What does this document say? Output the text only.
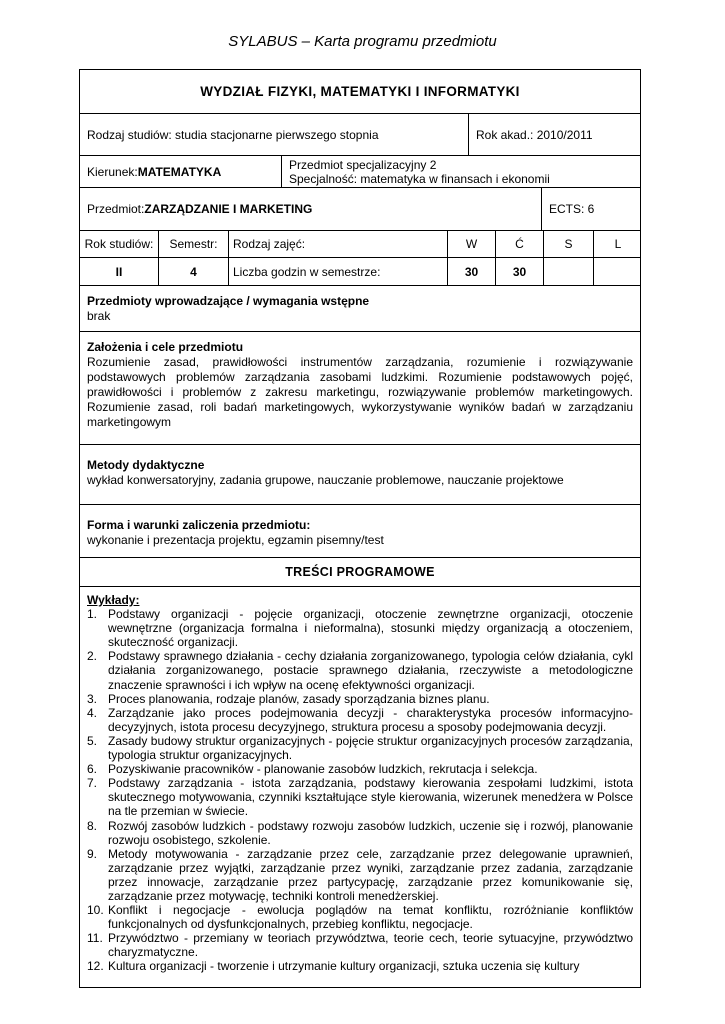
SYLABUS – Karta programu przedmiotu
WYDZIAŁ FIZYKI, MATEMATYKI I INFORMATYKI
Rodzaj studiów: studia stacjonarne pierwszego stopnia	Rok akad.: 2010/2011
Kierunek: MATEMATYKA	Przedmiot specjalizacyjny 2
Specjalność: matematyka w finansach i ekonomii
Przedmiot: ZARZĄDZANIE I MARKETING	ECTS: 6
Rok studiów:	Semestr:	Rodzaj zajęć:	W	Ć	S	L
II	4	Liczba godzin w semestrze:	30	30
Przedmioty wprowadzające / wymagania wstępne
brak
Założenia i cele przedmiotu
Rozumienie zasad, prawidłowości instrumentów zarządzania, rozumienie i rozwiązywanie podstawowych problemów zarządzania zasobami ludzkimi. Rozumienie podstawowych pojęć, prawidłowości i problemów z zakresu marketingu, rozwiązywanie problemów marketingowych. Rozumienie zasad, roli badań marketingowych, wykorzystywanie wyników badań w zarządzaniu marketingowym
Metody dydaktyczne
wykład konwersatoryjny, zadania grupowe, nauczanie problemowe, nauczanie projektowe
Forma i warunki zaliczenia przedmiotu:
wykonanie i prezentacja projektu, egzamin pisemny/test
TREŚCI PROGRAMOWE
Wykłady:
1. Podstawy organizacji - pojęcie organizacji, otoczenie zewnętrzne organizacji, otoczenie wewnętrzne (organizacja formalna i nieformalna), stosunki między organizacją a otoczeniem, skuteczność organizacji.
2. Podstawy sprawnego działania - cechy działania zorganizowanego, typologia celów działania, cykl działania zorganizowanego, postacie sprawnego działania, rzeczywiste a metodologiczne znaczenie sprawności i ich wpływ na ocenę efektywności organizacji.
3. Proces planowania, rodzaje planów, zasady sporządzania biznes planu.
4. Zarządzanie jako proces podejmowania decyzji - charakterystyka procesów informacyjno-decyzyjnych, istota procesu decyzyjnego, struktura procesu a sposoby podejmowania decyzji.
5. Zasady budowy struktur organizacyjnych - pojęcie struktur organizacyjnych procesów zarządzania, typologia struktur organizacyjnych.
6. Pozyskiwanie pracowników - planowanie zasobów ludzkich, rekrutacja i selekcja.
7. Podstawy zarządzania - istota zarządzania, podstawy kierowania zespołami ludzkimi, istota skutecznego motywowania, czynniki kształtujące style kierowania, wizerunek menedżera w Polsce na tle przemian w świecie.
8. Rozwój zasobów ludzkich - podstawy rozwoju zasobów ludzkich, uczenie się i rozwój, planowanie rozwoju osobistego, szkolenie.
9. Metody motywowania - zarządzanie przez cele, zarządzanie przez delegowanie uprawnień, zarządzanie przez wyjątki, zarządzanie przez wyniki, zarządzanie przez zadania, zarządzanie przez innowacje, zarządzanie przez partycypację, zarządzanie przez komunikowanie się, zarządzanie przez motywację, techniki kontroli menedżerskiej.
10. Konflikt i negocjacje - ewolucja poglądów na temat konfliktu, rozróżnianie konfliktów funkcjonalnych od dysfunkcjonalnych, przebieg konfliktu, negocjacje.
11. Przywództwo - przemiany w teoriach przywództwa, teorie cech, teorie sytuacyjne, przywództwo charyzmatyczne.
12. Kultura organizacji - tworzenie i utrzymanie kultury organizacji, sztuka uczenia się kultury
